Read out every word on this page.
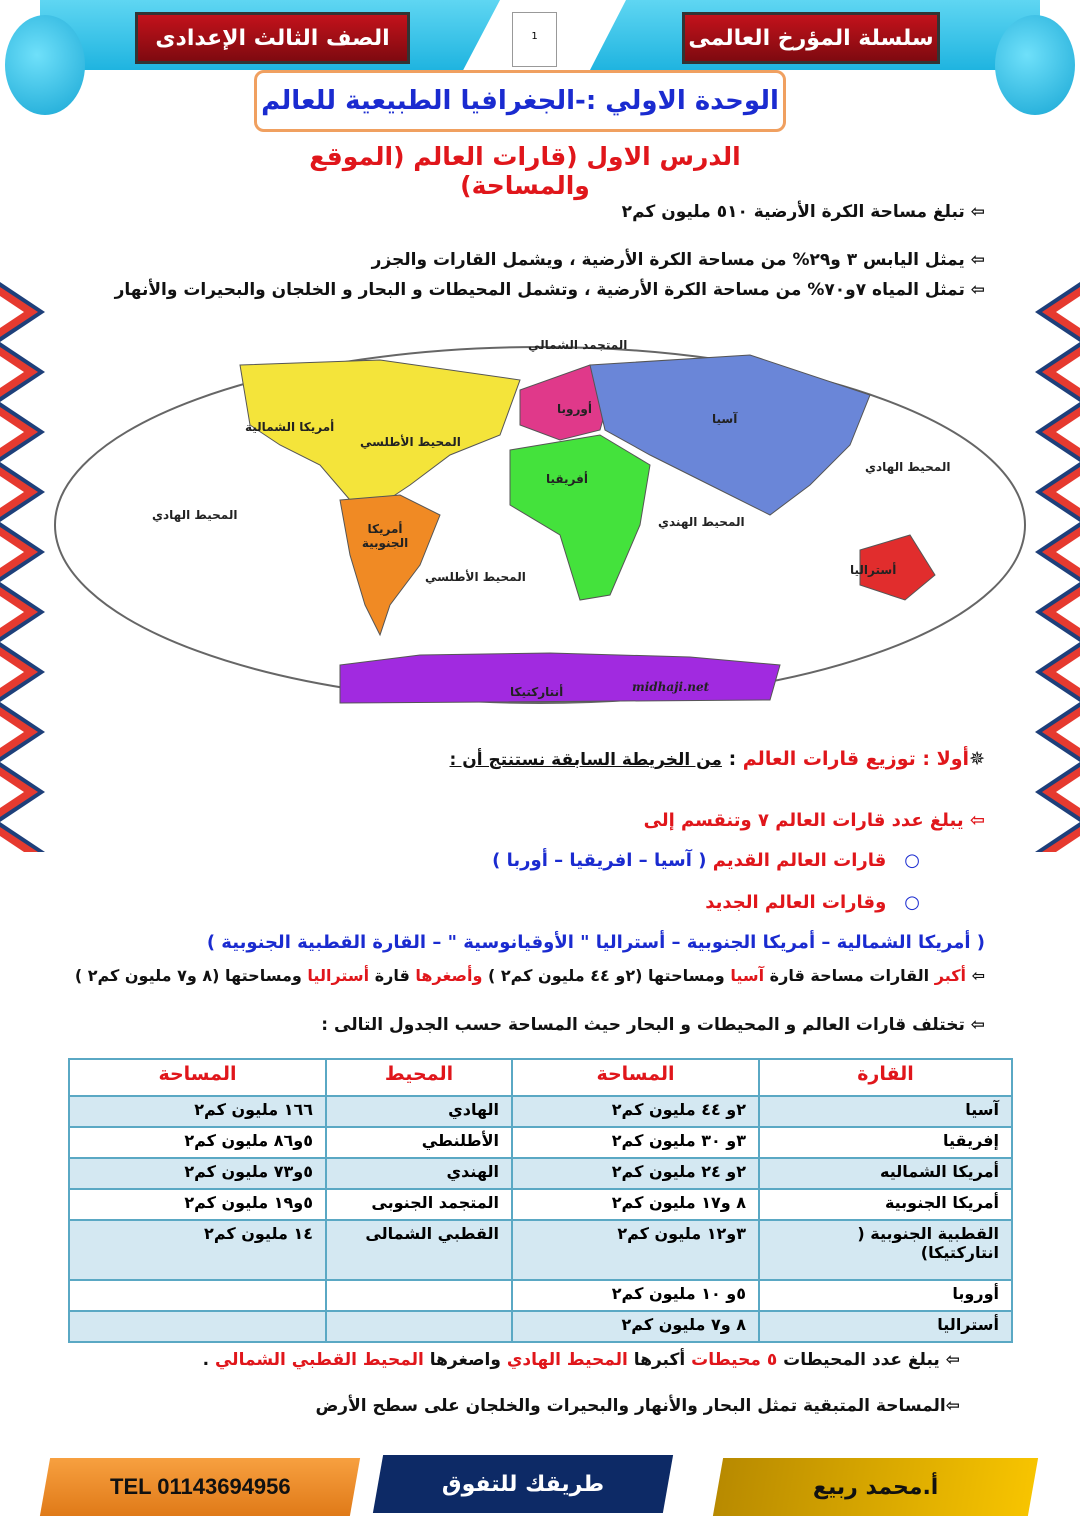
الصف الثالث الإعدادى	سلسلة المؤرخ العالمى
1
الوحدة الاولي :-الجغرافيا الطبيعية للعالم
الدرس الاول (قارات العالم (الموقع والمساحة)
⇦ تبلغ مساحة الكرة الأرضية ٥١٠ مليون كم٢
⇦ يمثل اليابس ٣ و٢٩% من مساحة الكرة الأرضية ، ويشمل القارات والجزر
⇦ تمثل المياه ٧و٧٠% من مساحة الكرة الأرضية ، وتشمل المحيطات و البحار و الخلجان والبحيرات والأنهار
المتجمد الشمالي
أوروبا
آسيا
أمريكا الشمالية
المحيط الأطلسي
المحيط الهادي
أفريقيا
المحيط الهادي	المحيط الهندي
أمريكا الجنوبية
أستراليا
المحيط الأطلسي
أنتاركتيكا	midhaji.net
✵أولا : توزيع قارات العالم : من الخريطة السابقة نستنتج أن :
⇦ يبلغ عدد قارات العالم ٧ وتنقسم إلى
○قارات العالم القديم ( آسيا – افريقيا – أوربا )
○وقارات العالم الجديد
( أمريكا الشمالية – أمريكا الجنوبية – أستراليا " الأوقيانوسية " – القارة القطبية الجنوبية )
⇦ أكبر القارات مساحة قارة آسيا ومساحتها (٢و ٤٤ مليون كم٢ ) وأصغرها قارة أستراليا ومساحتها (٨ و٧ مليون كم٢ )
⇦ تختلف قارات العالم و المحيطات و البحار حيث المساحة حسب الجدول التالى :
القارة	المساحة	المحيط	المساحة
آسيا	٢و ٤٤ مليون كم٢	الهادي	١٦٦ مليون كم٢
إفريقيا	٣و ٣٠ مليون كم٢	الأطلنطي	٥و٨٦ مليون كم٢
أمريكا الشماليه	٢و ٢٤ مليون كم٢	الهندي	٥و٧٣ مليون كم٢
أمريكا الجنوبية	٨ و١٧ مليون كم٢	المتجمد الجنوبى	٥و١٩ مليون كم٢
القطبية الجنوبية ( انتاركتيكا)	٣و١٢ مليون كم٢	القطبي الشمالى	١٤ مليون كم٢
أوروبا	٥و ١٠ مليون كم٢		
أستراليا	٨ و٧ مليون كم٢		
⇦ يبلغ عدد المحيطات ٥ محيطات أكبرها المحيط الهادي واصغرها المحيط القطبي الشمالي .
⇦المساحة المتبقية تمثل البحار والأنهار والبحيرات والخلجان على سطح الأرض
TEL 01143694956	طريقك للتفوق	أ.محمد ربيع
